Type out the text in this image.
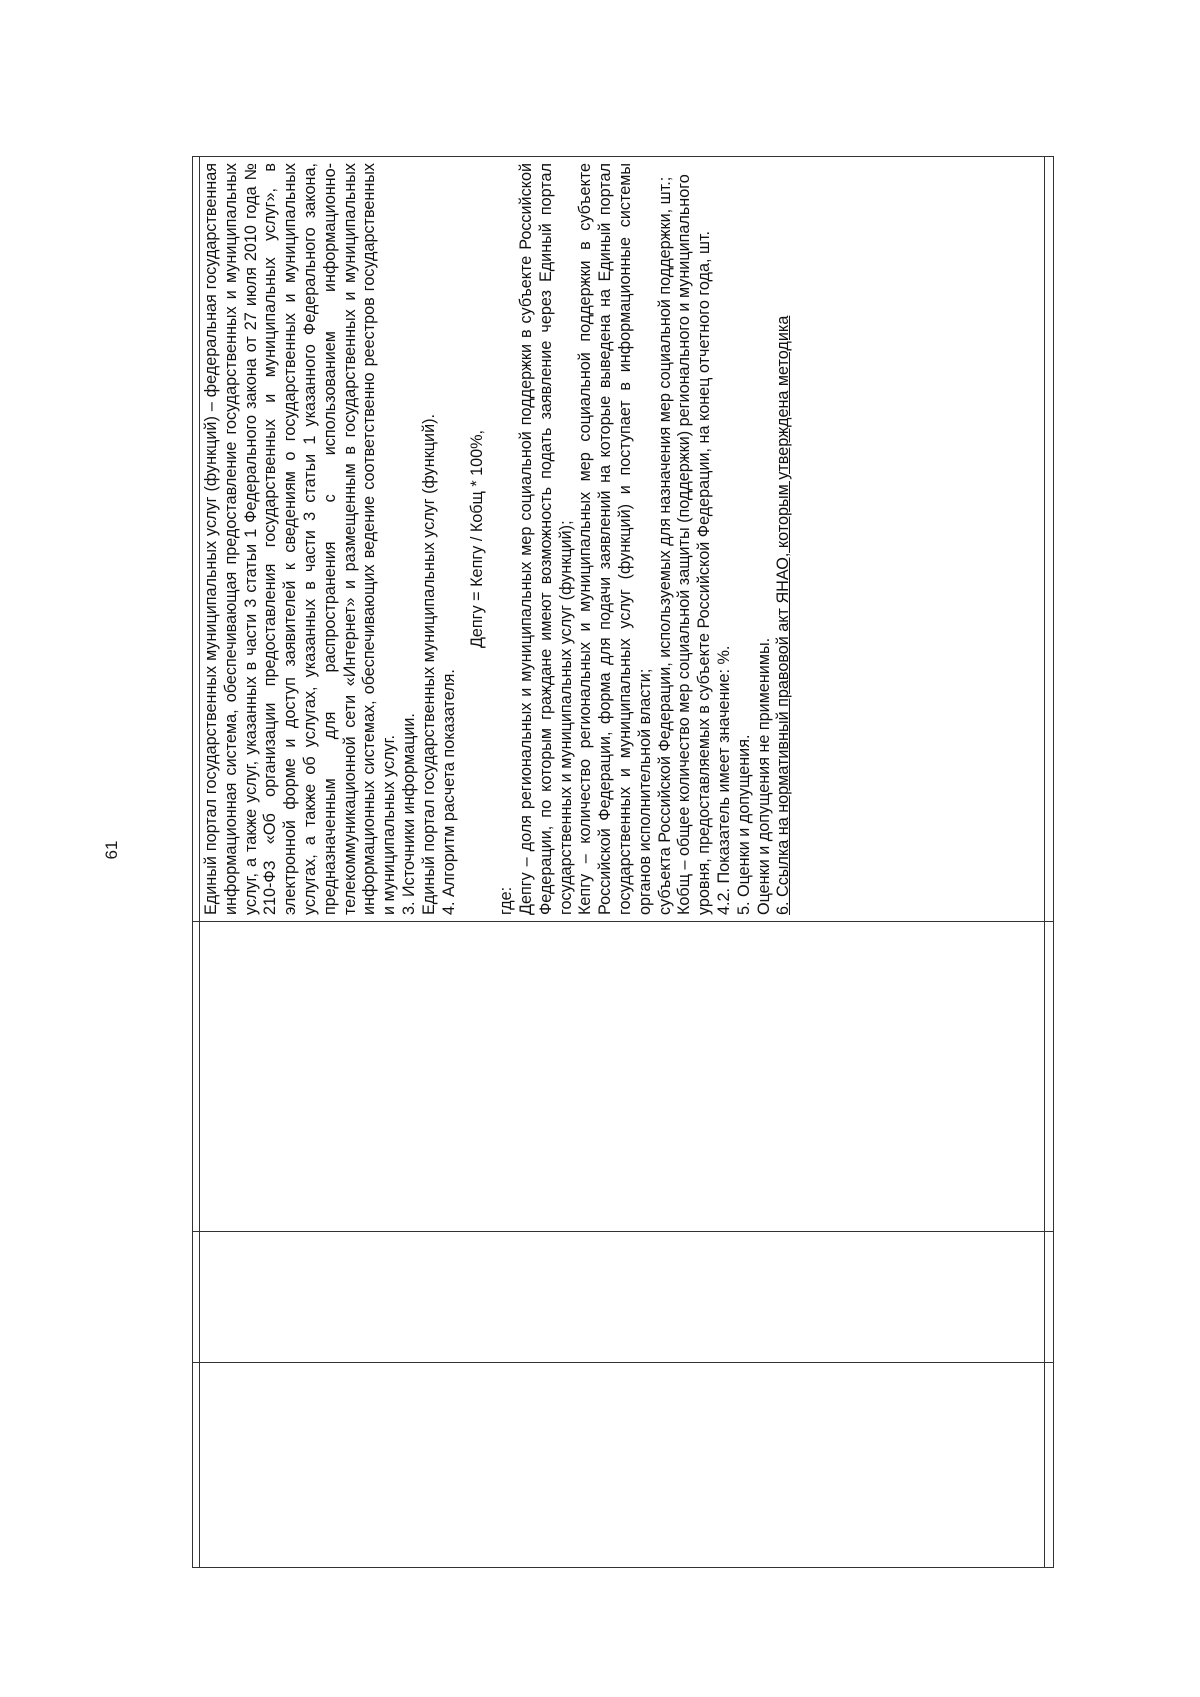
61	Единый портал государственных муниципальных услуг (функций) – федеральная государственная информационная система, обеспечивающая предоставление государственных и муниципальных услуг, а также услуг, указанных в части 3 статьи 1 Федерального закона от 27 июля 2010 года № 210-ФЗ «Об организации предоставления государственных и муниципальных услуг», в электронной форме и доступ заявителей к сведениям о государственных и муниципальных услугах, а также об услугах, указанных в части 3 статьи 1 указанного Федерального закона, предназначенным для распространения с использованием информационно-телекоммуникационной сети «Интернет» и размещенным в государственных и муниципальных информационных системах, обеспечивающих ведение соответственно реестров государственных и муниципальных услуг. 3. Источники информации. Единый портал государственных муниципальных услуг (функций). 4. Алгоритм расчета показателя.

Депгу = Кепгу / Кобщ * 100%,

где: Депгу – доля региональных и муниципальных мер социальной поддержки в субъекте Российской Федерации, по которым граждане имеют возможность подать заявление через Единый портал государственных и муниципальных услуг (функций); Кепгу – количество региональных и муниципальных мер социальной поддержки в субъекте Российской Федерации, форма для подачи заявлений на которые выведена на Единый портал государственных и муниципальных услуг (функций) и поступает в информационные системы органов исполнительной власти; субъекта Российской Федерации, используемых для назначения мер социальной поддержки, шт.; Кобщ – общее количество мер социальной защиты (поддержки) регионального и муниципального уровня, предоставляемых в субъекте Российской Федерации, на конец отчетного года, шт. 4.2. Показатель имеет значение: %. 5. Оценки и допущения. Оценки и допущения не применимы. 6. Ссылка на нормативный правовой акт ЯНАО, которым утверждена методика
